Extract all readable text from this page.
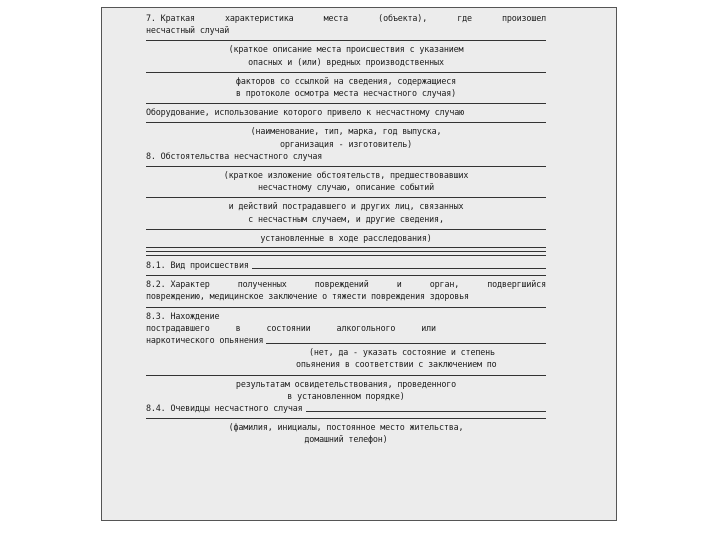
7. Краткая	характеристика	места	(объекта),	где	произошел
несчастный случай
(краткое описание места происшествия с указанием
опасных и (или) вредных производственных
факторов со ссылкой на сведения, содержащиеся
в протоколе осмотра места несчастного случая)
Оборудование, использование которого привело к несчастному случаю
(наименование, тип, марка, год выпуска,
организация - изготовитель)
8. Обстоятельства несчастного случая
(краткое изложение обстоятельств, предшествовавших
несчастному случаю, описание событий
и действий пострадавшего и других лиц, связанных
с несчастным случаем, и другие сведения,
установленные в ходе расследования)
8.1. Вид происшествия
8.2. Характер	полученных	повреждений	и	орган,	подвергшийся
повреждению, медицинское заключение о тяжести повреждения здоровья
8.3. Нахождение
пострадавшего	в	состоянии	алкогольного	или
наркотического опьянения
(нет, да - указать состояние и степень
опьянения в соответствии с заключением по
результатам освидетельствования, проведенного
в установленном порядке)
8.4. Очевидцы несчастного случая
(фамилия, инициалы, постоянное место жительства,
домашний телефон)
